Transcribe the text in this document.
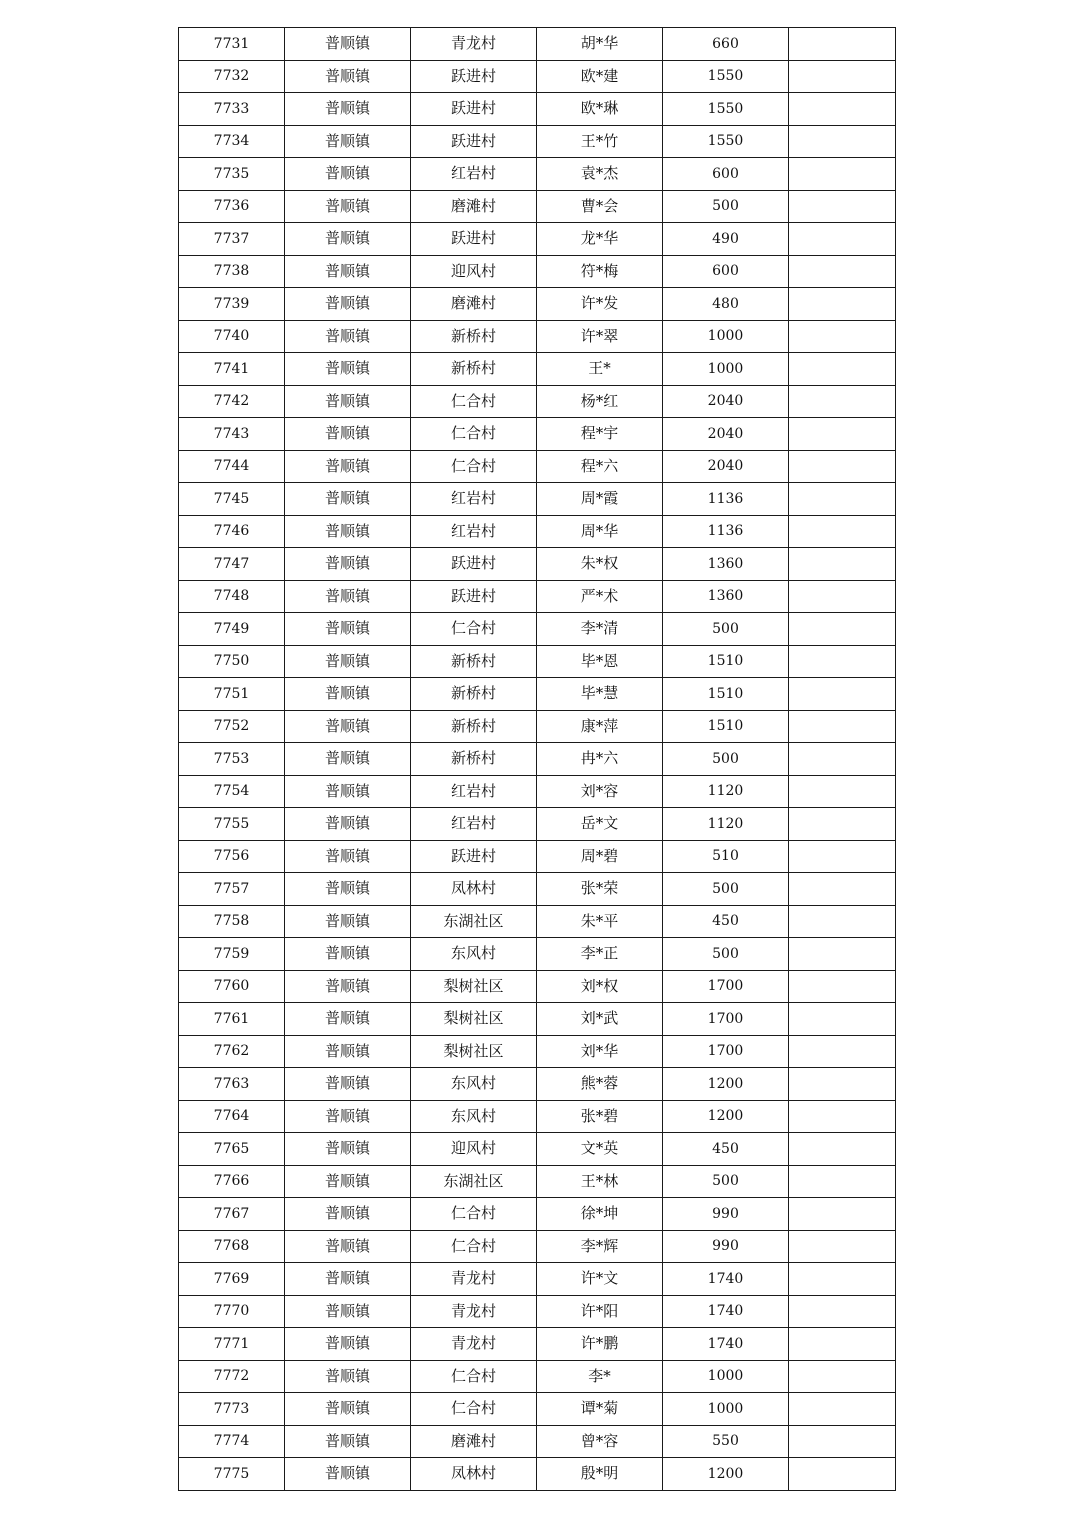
7731	普顺镇	青龙村	胡*华	660	
7732	普顺镇	跃进村	欧*建	1550	
7733	普顺镇	跃进村	欧*琳	1550	
7734	普顺镇	跃进村	王*竹	1550	
7735	普顺镇	红岩村	袁*杰	600	
7736	普顺镇	磨滩村	曹*会	500	
7737	普顺镇	跃进村	龙*华	490	
7738	普顺镇	迎风村	符*梅	600	
7739	普顺镇	磨滩村	许*发	480	
7740	普顺镇	新桥村	许*翠	1000	
7741	普顺镇	新桥村	王*	1000	
7742	普顺镇	仁合村	杨*红	2040	
7743	普顺镇	仁合村	程*宇	2040	
7744	普顺镇	仁合村	程*六	2040	
7745	普顺镇	红岩村	周*霞	1136	
7746	普顺镇	红岩村	周*华	1136	
7747	普顺镇	跃进村	朱*权	1360	
7748	普顺镇	跃进村	严*术	1360	
7749	普顺镇	仁合村	李*清	500	
7750	普顺镇	新桥村	毕*恩	1510	
7751	普顺镇	新桥村	毕*慧	1510	
7752	普顺镇	新桥村	康*萍	1510	
7753	普顺镇	新桥村	冉*六	500	
7754	普顺镇	红岩村	刘*容	1120	
7755	普顺镇	红岩村	岳*文	1120	
7756	普顺镇	跃进村	周*碧	510	
7757	普顺镇	凤林村	张*荣	500	
7758	普顺镇	东湖社区	朱*平	450	
7759	普顺镇	东风村	李*正	500	
7760	普顺镇	梨树社区	刘*权	1700	
7761	普顺镇	梨树社区	刘*武	1700	
7762	普顺镇	梨树社区	刘*华	1700	
7763	普顺镇	东风村	熊*蓉	1200	
7764	普顺镇	东风村	张*碧	1200	
7765	普顺镇	迎风村	文*英	450	
7766	普顺镇	东湖社区	王*林	500	
7767	普顺镇	仁合村	徐*坤	990	
7768	普顺镇	仁合村	李*辉	990	
7769	普顺镇	青龙村	许*文	1740	
7770	普顺镇	青龙村	许*阳	1740	
7771	普顺镇	青龙村	许*鹏	1740	
7772	普顺镇	仁合村	李*	1000	
7773	普顺镇	仁合村	谭*菊	1000	
7774	普顺镇	磨滩村	曾*容	550	
7775	普顺镇	凤林村	殷*明	1200	
